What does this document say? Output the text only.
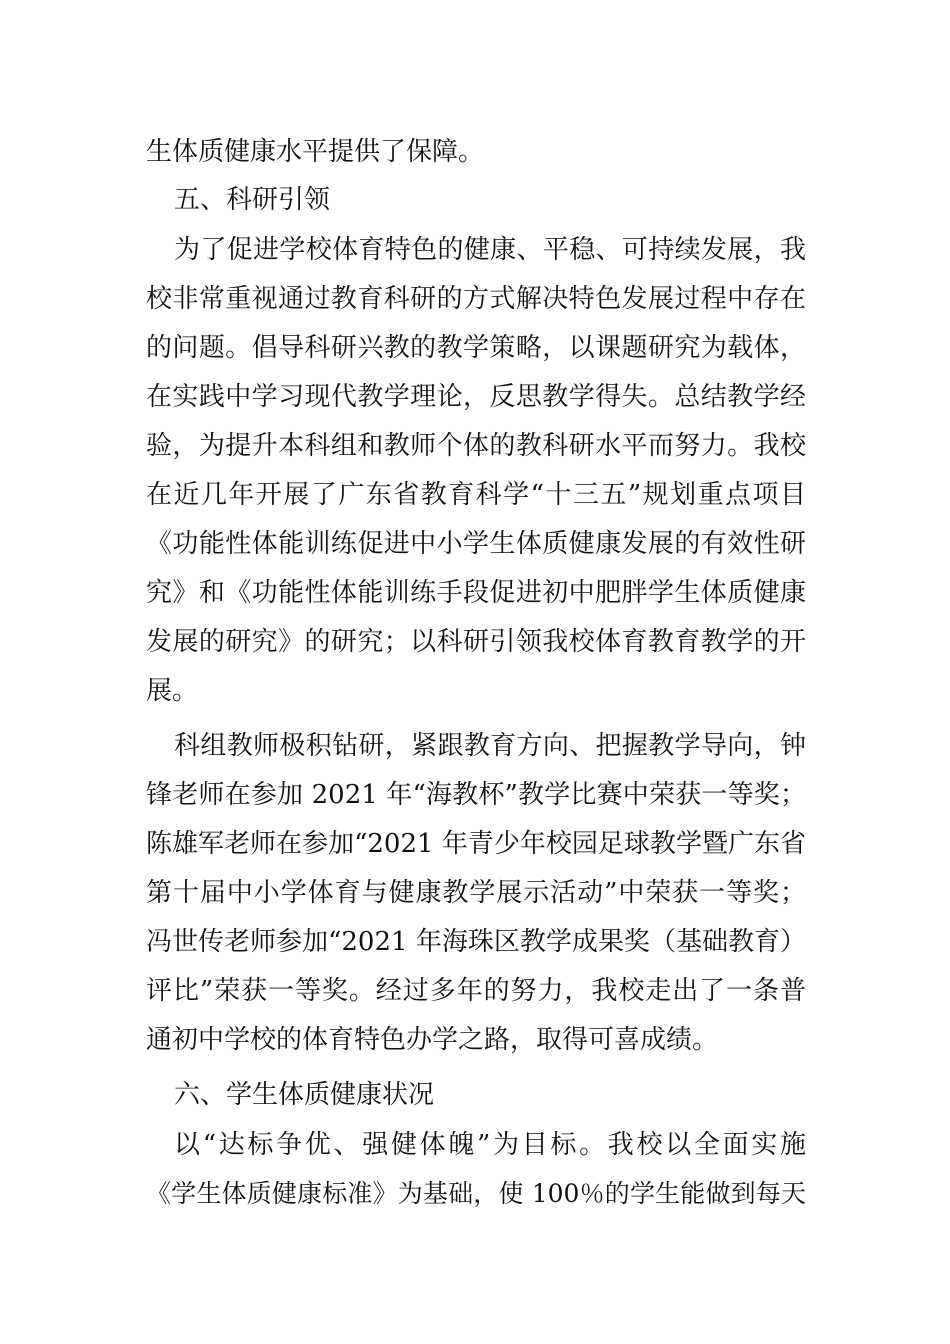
生体质健康水平提供了保障。
五、科研引领
为了促进学校体育特色的健康、平稳、可持续发展，我
校非常重视通过教育科研的方式解决特色发展过程中存在
的问题。倡导科研兴教的教学策略，以课题研究为载体，
在实践中学习现代教学理论，反思教学得失。总结教学经
验，为提升本科组和教师个体的教科研水平而努力。我校
在近几年开展了广东省教育科学“十三五”规划重点项目
《功能性体能训练促进中小学生体质健康发展的有效性研
究》和《功能性体能训练手段促进初中肥胖学生体质健康
发展的研究》的研究；以科研引领我校体育教育教学的开
展。
科组教师极积钻研，紧跟教育方向、把握教学导向，钟
锋老师在参加 2021 年“海教杯”教学比赛中荣获一等奖；
陈雄军老师在参加“2021 年青少年校园足球教学暨广东省
第十届中小学体育与健康教学展示活动”中荣获一等奖；
冯世传老师参加“2021 年海珠区教学成果奖（基础教育）
评比”荣获一等奖。经过多年的努力，我校走出了一条普
通初中学校的体育特色办学之路，取得可喜成绩。
六、学生体质健康状况
以“达标争优、强健体魄”为目标。我校以全面实施
《学生体质健康标准》为基础，使 100％的学生能做到每天
